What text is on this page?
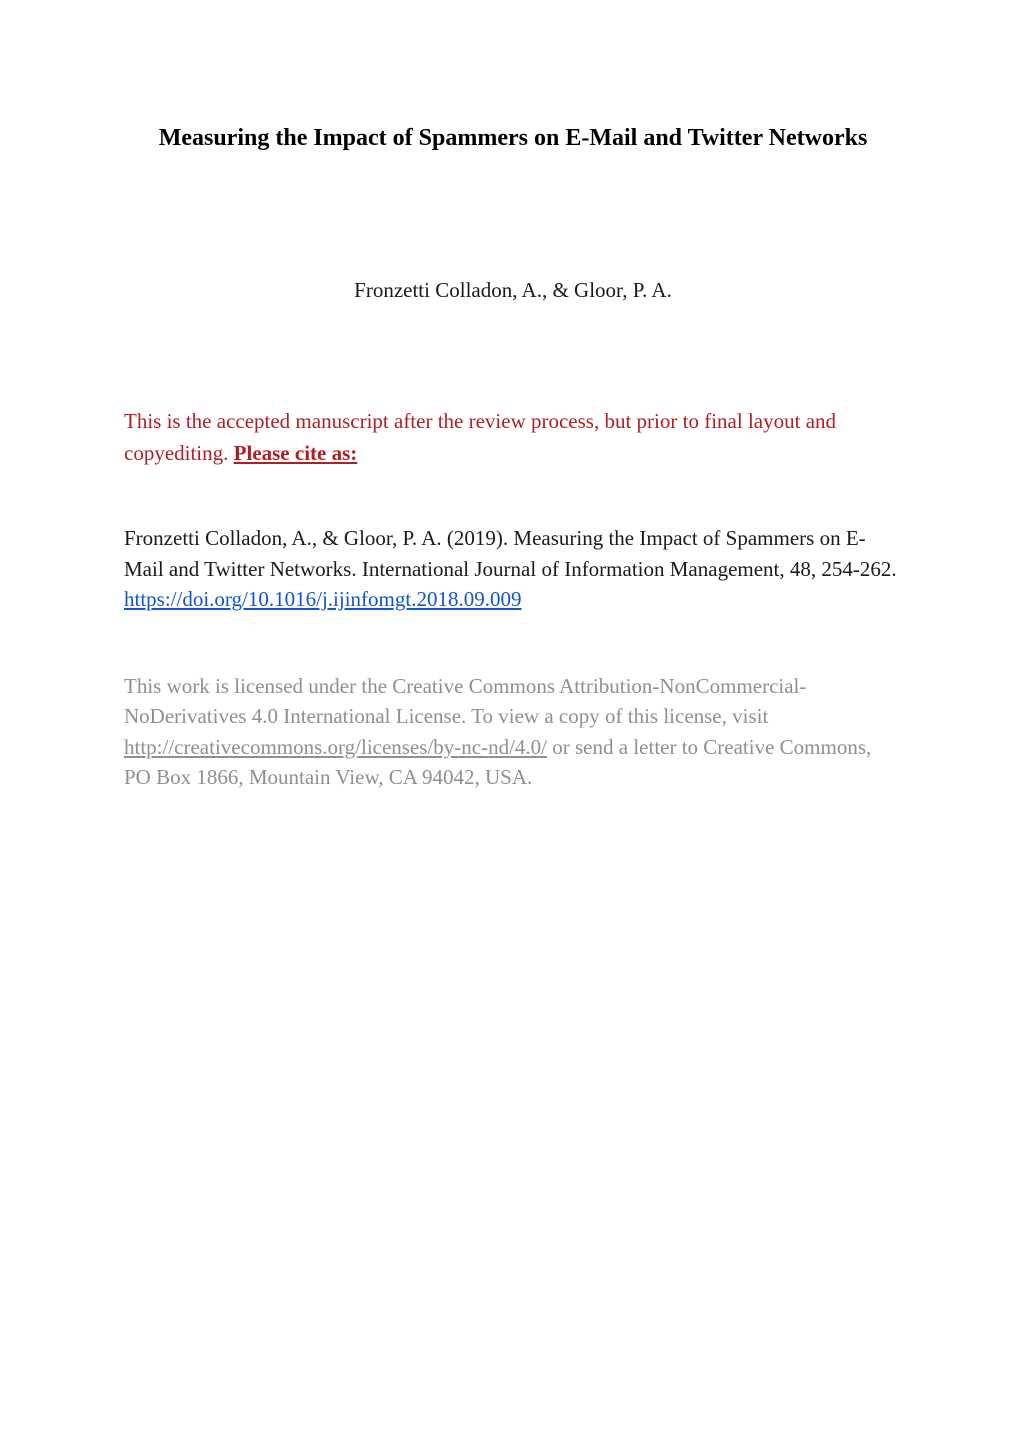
Measuring the Impact of Spammers on E-Mail and Twitter Networks

Fronzetti Colladon, A., & Gloor, P. A.

This is the accepted manuscript after the review process, but prior to final layout and copyediting. Please cite as:

Fronzetti Colladon, A., & Gloor, P. A. (2019). Measuring the Impact of Spammers on E-Mail and Twitter Networks. International Journal of Information Management, 48, 254-262. https://doi.org/10.1016/j.ijinfomgt.2018.09.009

This work is licensed under the Creative Commons Attribution-NonCommercial-NoDerivatives 4.0 International License. To view a copy of this license, visit http://creativecommons.org/licenses/by-nc-nd/4.0/ or send a letter to Creative Commons, PO Box 1866, Mountain View, CA 94042, USA.
